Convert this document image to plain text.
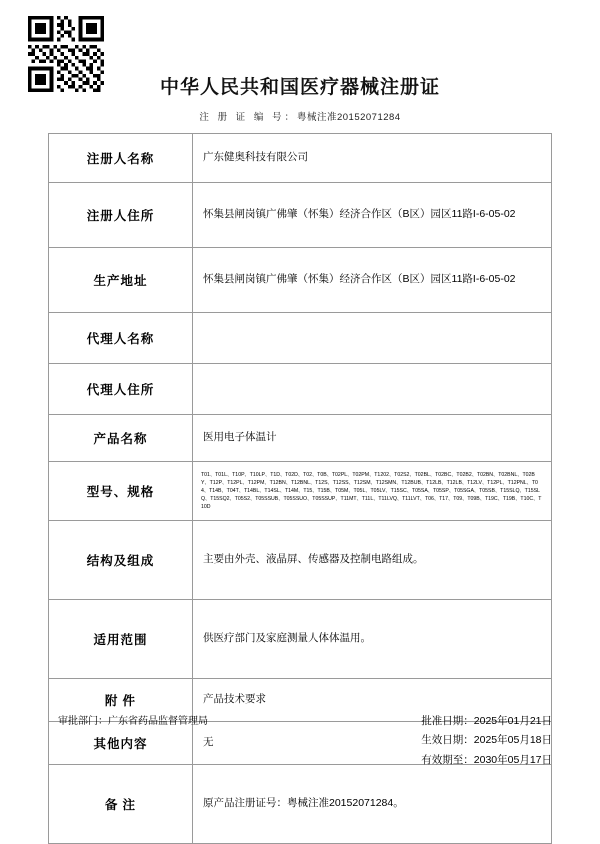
中华人民共和国医疗器械注册证
注 册 证 编 号：粤械注准20152071284
注册人名称	广东健奥科技有限公司
注册人住所	怀集县闸岗镇广佛肇（怀集）经济合作区（B区）园区11路I-6-05-02
生产地址	怀集县闸岗镇广佛肇（怀集）经济合作区（B区）园区11路I-6-05-02
代理人名称	
代理人住所	
产品名称	医用电子体温计
型号、规格	T01、T01L、T10P、T10LP、T1D、T02D、T02、T0B、T02PL、T02PM、T1202、T02S2、T02BL、T02BC、T02B2、T02BN、T02BNL、T02BY、T12P、T12PL、T12PM、T12BN、T12BNL、T12S、T12SS、T12SM、T12SMN、T12BUB、T12LB、T12LB、T12LV、T12PL、T12PNL、T04、T14B、T04T、T14BL、T14SL、T14M、T15、T15B、T05M、T05L、T05LV、T15SC、T05SA、T05SP、T05SGA、T05SB、T15SLQ、T15SLQ、T15SQ2、T05S2、T05SSUB、T05SSUO、T05SSUP、T11MT、T11L、T11LVQ、T11LVT、T06、T17、T09、T09B、T19C、T19B、T10C、T10D
结构及组成	主要由外壳、液晶屏、传感器及控制电路组成。
适用范围	供医疗部门及家庭测量人体体温用。
附 件	产品技术要求
其他内容	无
备 注	原产品注册证号：粤械注准20152071284。
审批部门：广东省药品监督管理局	批准日期：2025年01月21日
生效日期：2025年05月18日
有效期至：2030年05月17日
